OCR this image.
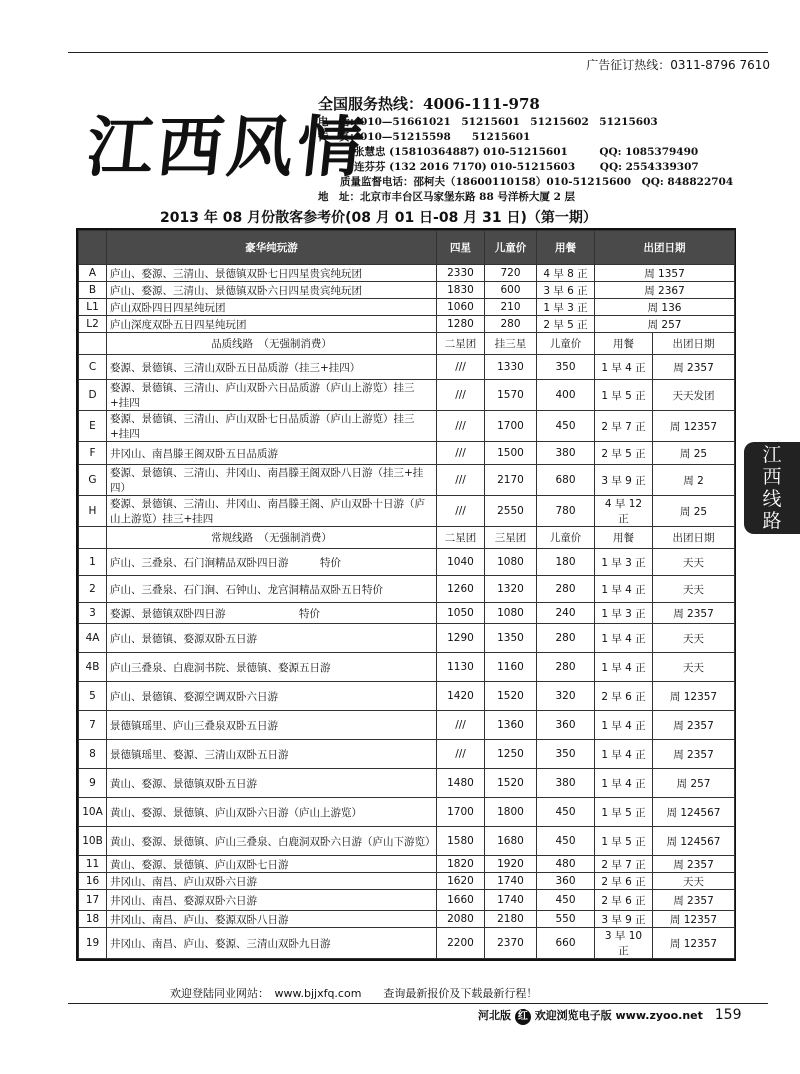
广告征订热线：0311-8796 7610
江西风情
全国服务热线：4006-111-978
电　话：010—51661021　51215601　51215602　51215603
传　真：010—51215598　　51215601
张慧忠 (15810364887) 010-51215601　　　QQ: 1085379490
连芬芬 (132 2016 7170) 010-51215603　　 QQ: 2554339307
质量监督电话：邵柯夫（18600110158）010-51215600　QQ: 848822704
地　址：北京市丰台区马家堡东路 88 号洋桥大厦 2 层
2013 年 08 月份散客参考价(08 月 01 日-08 月 31 日)（第一期）
	豪华纯玩游	四星	儿童价	用餐	出团日期	
A	庐山、婺源、三清山、景德镇双卧七日四星贵宾纯玩团	2330	720	4 早 8 正	周 1357	
B	庐山、婺源、三清山、景德镇双卧六日四星贵宾纯玩团	1830	600	3 早 6 正	周 2367	
L1	庐山双卧四日四星纯玩团	1060	210	1 早 3 正	周 136	
L2	庐山深度双卧五日四星纯玩团	1280	280	2 早 5 正	周 257	
	品质线路　（无强制消费）	二星团	挂三星	儿童价	用餐	出团日期
C	婺源、景德镇、三清山双卧五日品质游（挂三+挂四）	///	1330	350	1 早 4 正	周 2357
D	婺源、景德镇、三清山、庐山双卧六日品质游（庐山上游览）挂三+挂四	///	1570	400	1 早 5 正	天天发团
E	婺源、景德镇、三清山、庐山双卧七日品质游（庐山上游览）挂三+挂四	///	1700	450	2 早 7 正	周 12357
F	井冈山、南昌滕王阁双卧五日品质游	///	1500	380	2 早 5 正	周 25
G	婺源、景德镇、三清山、井冈山、南昌滕王阁双卧八日游（挂三+挂四）	///	2170	680	3 早 9 正	周 2
H	婺源、景德镇、三清山、井冈山、南昌滕王阁、庐山双卧十日游（庐山上游览）挂三+挂四	///	2550	780	4 早 12 正	周 25
	常规线路　（无强制消费）	二星团	三星团	儿童价	用餐	出团日期
1	庐山、三叠泉、石门涧精品双卧四日游　　　特价	1040	1080	180	1 早 3 正	天天
2	庐山、三叠泉、石门涧、石钟山、龙宫洞精品双卧五日特价	1260	1320	280	1 早 4 正	天天
3	婺源、景德镇双卧四日游　　　　　　　特价	1050	1080	240	1 早 3 正	周 2357
4A	庐山、景德镇、婺源双卧五日游	1290	1350	280	1 早 4 正	天天
4B	庐山三叠泉、白鹿洞书院、景德镇、婺源五日游	1130	1160	280	1 早 4 正	天天
5	庐山、景德镇、婺源空调双卧六日游	1420	1520	320	2 早 6 正	周 12357
7	景德镇瑶里、庐山三叠泉双卧五日游	///	1360	360	1 早 4 正	周 2357
8	景德镇瑶里、婺源、三清山双卧五日游	///	1250	350	1 早 4 正	周 2357
9	黄山、婺源、景德镇双卧五日游	1480	1520	380	1 早 4 正	周 257
10A	黄山、婺源、景德镇、庐山双卧六日游（庐山上游览）	1700	1800	450	1 早 5 正	周 124567
10B	黄山、婺源、景德镇、庐山三叠泉、白鹿洞双卧六日游（庐山下游览）	1580	1680	450	1 早 5 正	周 124567
11	黄山、婺源、景德镇、庐山双卧七日游	1820	1920	480	2 早 7 正	周 2357
16	井冈山、南昌、庐山双卧六日游	1620	1740	360	2 早 6 正	天天
17	井冈山、南昌、婺源双卧六日游	1660	1740	450	2 早 6 正	周 2357
18	井冈山、南昌、庐山、婺源双卧八日游	2080	2180	550	3 早 9 正	周 12357
19	井冈山、南昌、庐山、婺源、三清山双卧九日游	2200	2370	660	3 早 10 正	周 12357
江西线路
欢迎登陆同业网站：　www.bjjxfq.com　　查询最新报价及下载最新行程！
河北版 红 欢迎浏览电子版 www.zyoo.net 159
